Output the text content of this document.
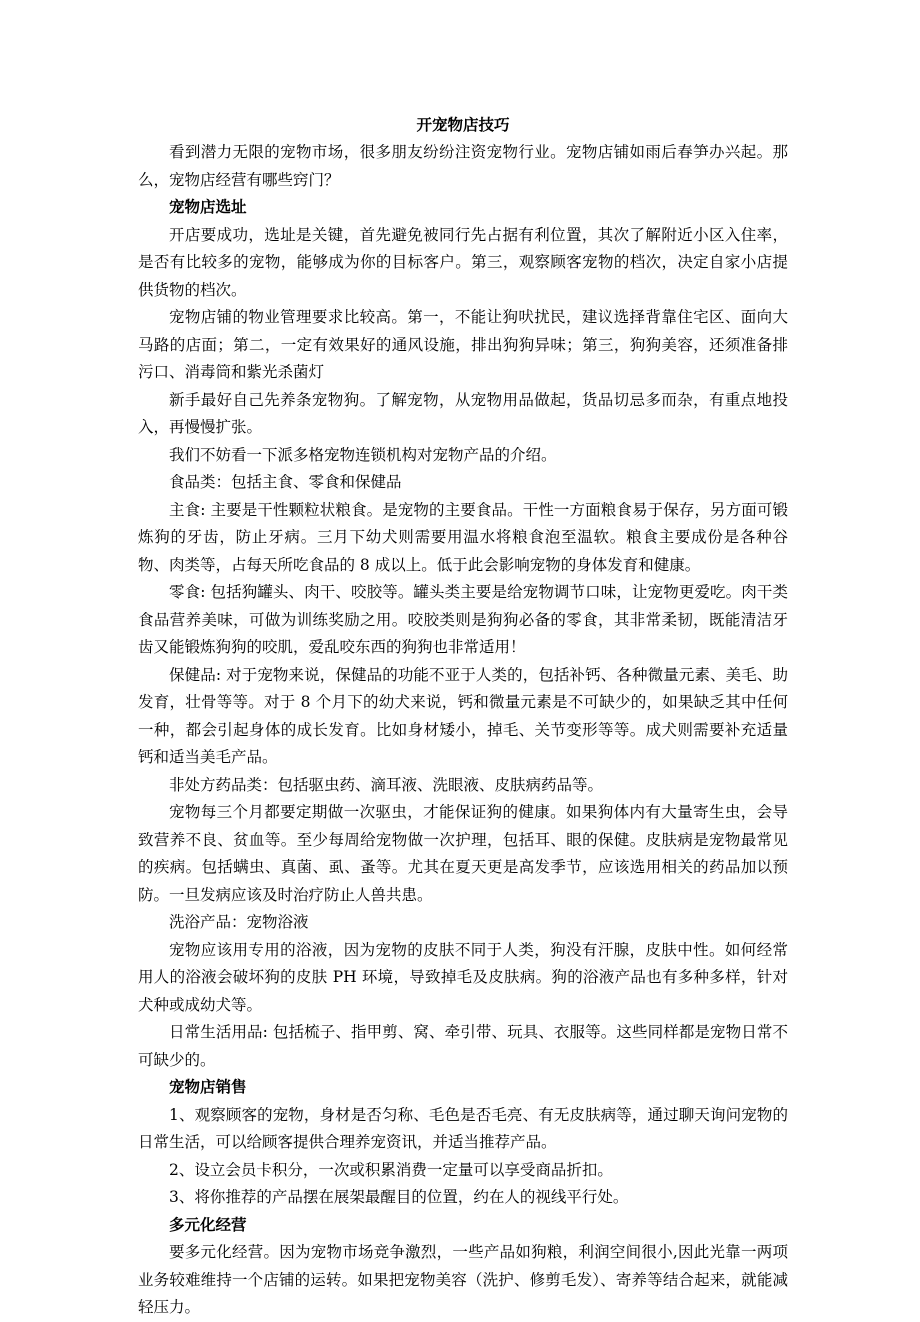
开宠物店技巧

看到潜力无限的宠物市场，很多朋友纷纷注资宠物行业。宠物店铺如雨后春笋办兴起。那么，宠物店经营有哪些窍门？

宠物店选址

开店要成功，选址是关键，首先避免被同行先占据有利位置，其次了解附近小区入住率，是否有比较多的宠物，能够成为你的目标客户。第三，观察顾客宠物的档次，决定自家小店提供货物的档次。

宠物店铺的物业管理要求比较高。第一，不能让狗吠扰民，建议选择背靠住宅区、面向大马路的店面；第二，一定有效果好的通风设施，排出狗狗异味；第三，狗狗美容，还须准备排污口、消毒筒和紫光杀菌灯

新手最好自己先养条宠物狗。了解宠物，从宠物用品做起，货品切忌多而杂，有重点地投入，再慢慢扩张。

我们不妨看一下派多格宠物连锁机构对宠物产品的介绍。

食品类：包括主食、零食和保健品

主食: 主要是干性颗粒状粮食。是宠物的主要食品。干性一方面粮食易于保存，另方面可锻炼狗的牙齿，防止牙病。三月下幼犬则需要用温水将粮食泡至温软。粮食主要成份是各种谷物、肉类等，占每天所吃食品的 8 成以上。低于此会影响宠物的身体发育和健康。

零食: 包括狗罐头、肉干、咬胶等。罐头类主要是给宠物调节口味，让宠物更爱吃。肉干类食品营养美味，可做为训练奖励之用。咬胶类则是狗狗必备的零食，其非常柔韧，既能清洁牙齿又能锻炼狗狗的咬肌，爱乱咬东西的狗狗也非常适用！

保健品: 对于宠物来说，保健品的功能不亚于人类的，包括补钙、各种微量元素、美毛、助发育，壮骨等等。对于 8 个月下的幼犬来说，钙和微量元素是不可缺少的，如果缺乏其中任何一种，都会引起身体的成长发育。比如身材矮小，掉毛、关节变形等等。成犬则需要补充适量钙和适当美毛产品。

非处方药品类：包括驱虫药、滴耳液、洗眼液、皮肤病药品等。

宠物每三个月都要定期做一次驱虫，才能保证狗的健康。如果狗体内有大量寄生虫，会导致营养不良、贫血等。至少每周给宠物做一次护理，包括耳、眼的保健。皮肤病是宠物最常见的疾病。包括螨虫、真菌、虱、蚤等。尤其在夏天更是高发季节，应该选用相关的药品加以预防。一旦发病应该及时治疗防止人兽共患。

洗浴产品：宠物浴液

宠物应该用专用的浴液，因为宠物的皮肤不同于人类，狗没有汗腺，皮肤中性。如何经常用人的浴液会破坏狗的皮肤 PH 环境，导致掉毛及皮肤病。狗的浴液产品也有多种多样，针对犬种或成幼犬等。

日常生活用品: 包括梳子、指甲剪、窝、牵引带、玩具、衣服等。这些同样都是宠物日常不可缺少的。

宠物店销售

1、观察顾客的宠物，身材是否匀称、毛色是否毛亮、有无皮肤病等，通过聊天询问宠物的日常生活，可以给顾客提供合理养宠资讯，并适当推荐产品。

2、设立会员卡积分，一次或积累消费一定量可以享受商品折扣。

3、将你推荐的产品摆在展架最醒目的位置，约在人的视线平行处。

多元化经营

要多元化经营。因为宠物市场竞争激烈，一些产品如狗粮，利润空间很小,因此光靠一两项业务较难维持一个店铺的运转。如果把宠物美容（洗护、修剪毛发）、寄养等结合起来，就能减轻压力。
